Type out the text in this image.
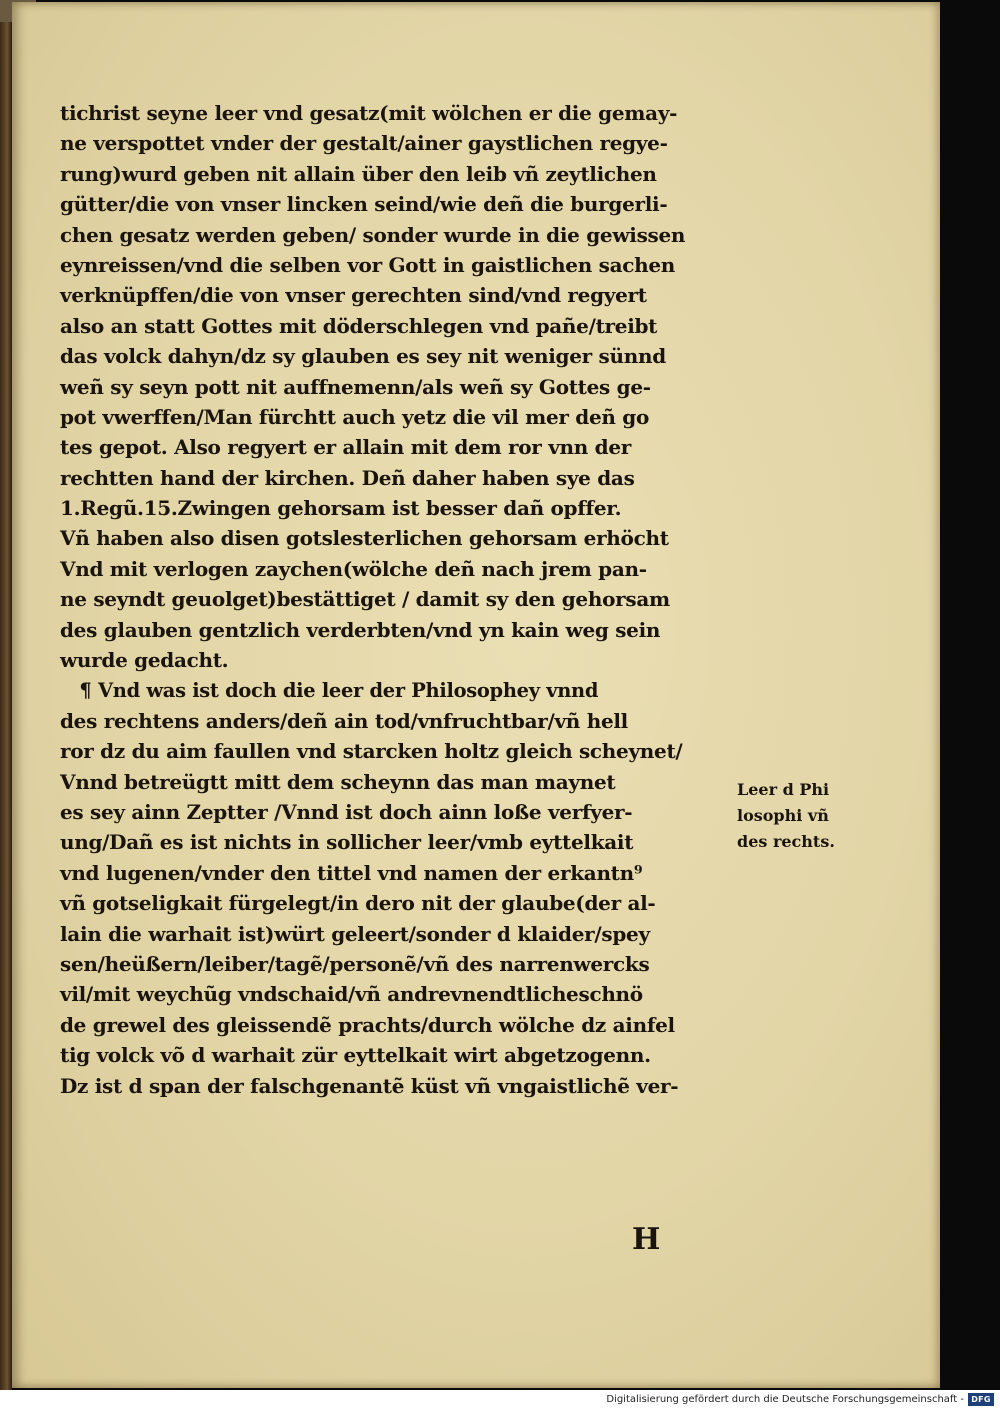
tichrist seyne leer vnd gesatz(mit wölchen er die gemay-
ne verspottet vnder der gestalt/ainer gaystlichen regye-
rung)wurd geben nit allain über den leib vñ zeytlichen
gütter/die von vnser lincken seind/wie deñ die burgerli-
chen gesatz werden geben/ sonder wurde in die gewissen
eynreissen/vnd die selben vor Gott in gaistlichen sachen
verknüpffen/die von vnser gerechten sind/vnd regyert
also an statt Gottes mit döderschlegen vnd pañe/treibt
das volck dahyn/dz sy glauben es sey nit weniger sünnd
weñ sy seyn pott nit auffnemenn/als weñ sy Gottes ge-
pot vwerffen/Man fürchtt auch yetz die vil mer deñ go
tes gepot. Also regyert er allain mit dem ror vnn der
rechtten hand der kirchen. Deñ daher haben sye das
1.Regũ.15.Zwingen gehorsam ist besser dañ opffer.
Vñ haben also disen gotslesterlichen gehorsam erhöcht
Vnd mit verlogen zaychen(wölche deñ nach jrem pan-
ne seyndt geuolget)bestättiget / damit sy den gehorsam
des glauben gentzlich verderbten/vnd yn kain weg sein
wurde gedacht.
¶ Vnd was ist doch die leer der Philosophey vnnd
des rechtens anders/deñ ain tod/vnfruchtbar/vñ hell
ror dz du aim faullen vnd starcken holtz gleich scheynet/
Vnnd betreügtt mitt dem scheynn das man maynet
es sey ainn Zeptter /Vnnd ist doch ainn loße verfyer-
ung/Dañ es ist nichts in sollicher leer/vmb eyttelkait
vnd lugenen/vnder den tittel vnd namen der erkantn⁹
vñ gotseligkait fürgelegt/in dero nit der glaube(der al-
lain die warhait ist)würt geleert/sonder d klaider/spey
sen/heüßern/leiber/tagẽ/personẽ/vñ des narrenwercks
vil/mit weychũg vndschaid/vñ andrevnendtlicheschnö
de grewel des gleissendẽ prachts/durch wölche dz ainfel
tig volck võ d warhait zür eyttelkait wirt abgetzogenn.
Dz ist d span der falschgenantẽ küst vñ vngaistlichẽ ver-
Leer d Phi
losophi vñ
des rechts.
H
Digitalisierung gefördert durch die Deutsche Forschungsgemeinschaft - DFG
